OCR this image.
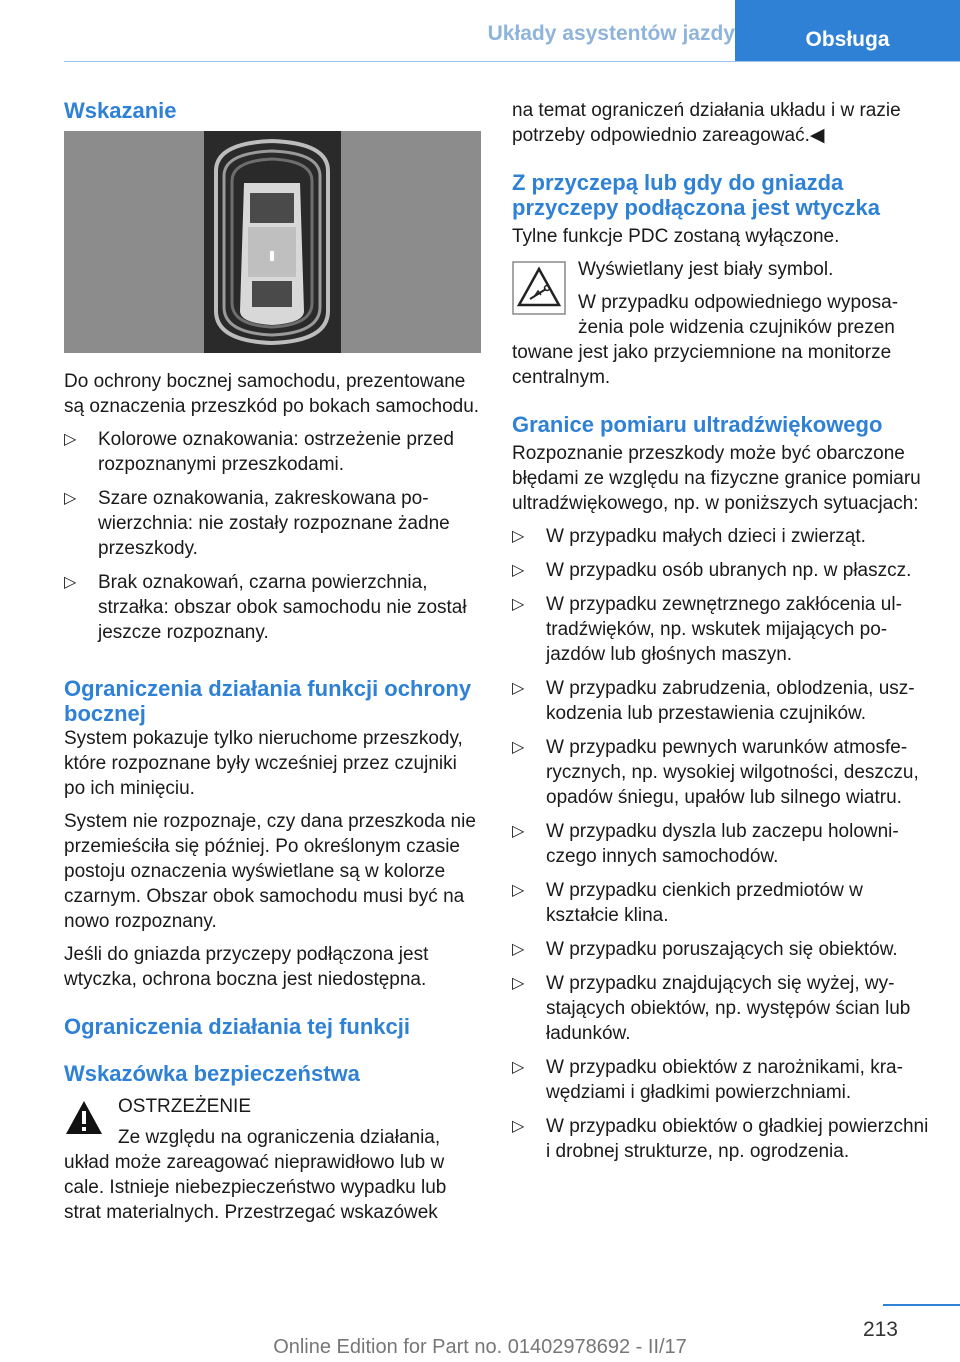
Układy asystentów jazdy	Obsługa
Wskazanie

Do ochrony bocznej samochodu, prezentowane są oznaczenia przeszkód po bokach samochodu.

▷	Kolorowe oznakowania: ostrzeżenie przed rozpoznanymi przeszkodami.
▷	Szare oznakowania, zakreskowana powierzchnia: nie zostały rozpoznane żadne przeszkody.
▷	Brak oznakowań, czarna powierzchnia, strzałka: obszar obok samochodu nie został jeszcze rozpoznany.
Ograniczenia działania funkcji ochrony bocznej

System pokazuje tylko nieruchome przeszkody, które rozpoznane były wcześniej przez czujniki po ich minięciu.

System nie rozpoznaje, czy dana przeszkoda nie przemieściła się później. Po określonym czasie postoju oznaczenia wyświetlane są w kolorze czarnym. Obszar obok samochodu musi być na nowo rozpoznany.

Jeśli do gniazda przyczepy podłączona jest wtyczka, ochrona boczna jest niedostępna.

Ograniczenia działania tej funkcji
Wskazówka bezpieczeństwa

OSTRZEŻENIE

Ze względu na ograniczenia działania,

układ może zareagować nieprawidłowo lub w cale. Istnieje niebezpieczeństwo wypadku lub strat materialnych. Przestrzegać wskazówek

na temat ograniczeń działania układu i w razie potrzeby odpowiednio zareagować.◀

Z przyczepą lub gdy do gniazda przyczepy podłączona jest wtyczka

Tylne funkcje PDC zostaną wyłączone.

Wyświetlany jest biały symbol.

W przypadku odpowiedniego wyposażenia pole widzenia czujników prezen

towane jest jako przyciemnione na monitorze centralnym.

Granice pomiaru ultradźwiękowego

Rozpoznanie przeszkody może być obarczone błędami ze względu na fizyczne granice pomiaru ultradźwiękowego, np. w poniższych sytuacjach:

▷	W przypadku małych dzieci i zwierząt.
▷	W przypadku osób ubranych np. w płaszcz.
▷	W przypadku zewnętrznego zakłócenia ultradźwięków, np. wskutek mijających pojazdów lub głośnych maszyn.
▷	W przypadku zabrudzenia, oblodzenia, uszkodzenia lub przestawienia czujników.
▷	W przypadku pewnych warunków atmosferycznych, np. wysokiej wilgotności, deszczu, opadów śniegu, upałów lub silnego wiatru.
▷	W przypadku dyszla lub zaczepu holowniczego innych samochodów.
▷	W przypadku cienkich przedmiotów w kształcie klina.
▷	W przypadku poruszających się obiektów.
▷	W przypadku znajdujących się wyżej, wystających obiektów, np. występów ścian lub ładunków.
▷	W przypadku obiektów z narożnikami, krawędziami i gładkimi powierzchniami.
▷	W przypadku obiektów o gładkiej powierzchni i drobnej strukturze, np. ogrodzenia.
213
Online Edition for Part no. 01402978692 - II/17
